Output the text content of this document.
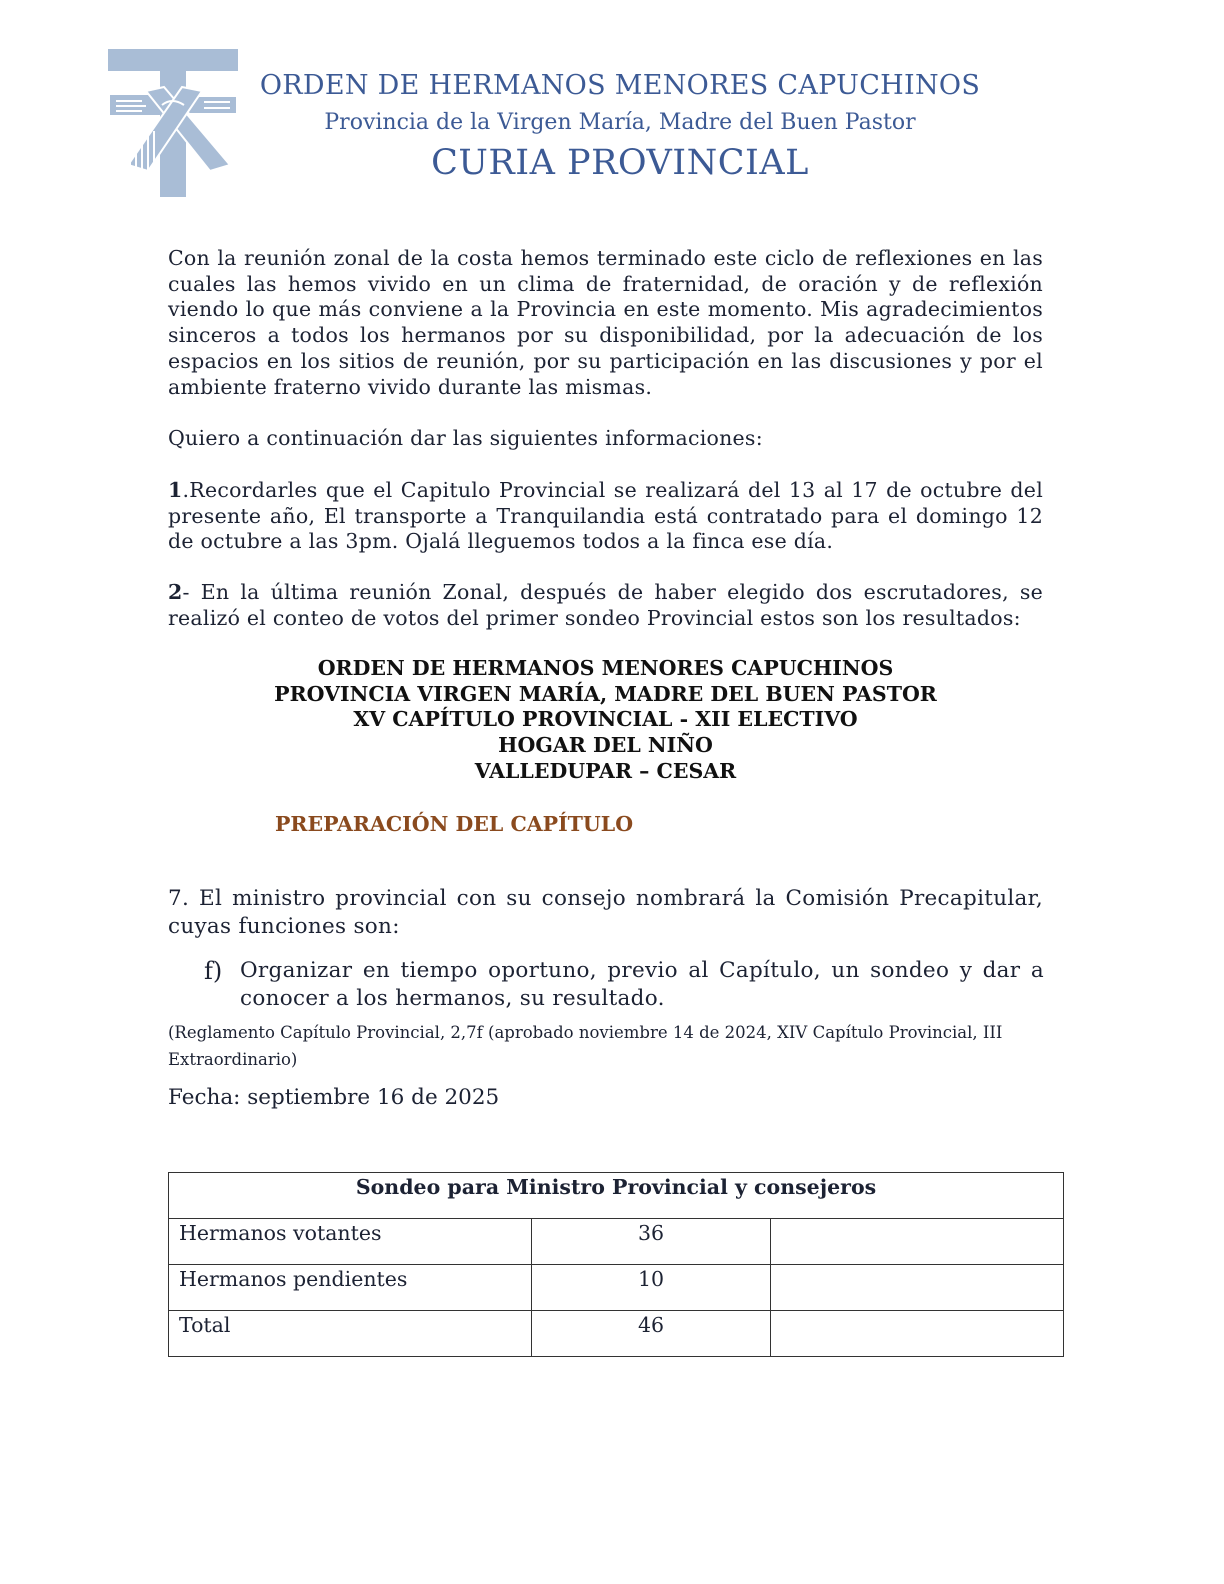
ORDEN DE HERMANOS MENORES CAPUCHINOS
Provincia de la Virgen María, Madre del Buen Pastor
CURIA PROVINCIAL
Con la reunión zonal de la costa hemos terminado este ciclo de reflexiones en las cuales las hemos vivido en un clima de fraternidad, de oración y de reflexión viendo lo que más conviene a la Provincia en este momento. Mis agradecimientos sinceros a todos los hermanos por su disponibilidad, por la adecuación de los espacios en los sitios de reunión, por su participación en las discusiones y por el ambiente fraterno vivido durante las mismas.
Quiero a continuación dar las siguientes informaciones:
1.Recordarles que el Capitulo Provincial se realizará del 13 al 17 de octubre del presente año, El transporte a Tranquilandia está contratado para el domingo 12 de octubre a las 3pm. Ojalá lleguemos todos a la finca ese día.
2- En la última reunión Zonal, después de haber elegido dos escrutadores, se realizó el conteo de votos del primer sondeo Provincial estos son los resultados:
ORDEN DE HERMANOS MENORES CAPUCHINOS
PROVINCIA VIRGEN MARÍA, MADRE DEL BUEN PASTOR
XV CAPÍTULO PROVINCIAL - XII ELECTIVO
HOGAR DEL NIÑO
VALLEDUPAR – CESAR
PREPARACIÓN DEL CAPÍTULO
7. El ministro provincial con su consejo nombrará la Comisión Precapitular, cuyas funciones son:
f) Organizar en tiempo oportuno, previo al Capítulo, un sondeo y dar a conocer a los hermanos, su resultado.
(Reglamento Capítulo Provincial, 2,7f (aprobado noviembre 14 de 2024, XIV Capítulo Provincial, III Extraordinario)
Fecha: septiembre 16 de 2025
Sondeo para Ministro Provincial y consejeros		
Hermanos votantes	36	
Hermanos pendientes	10	
Total	46	
